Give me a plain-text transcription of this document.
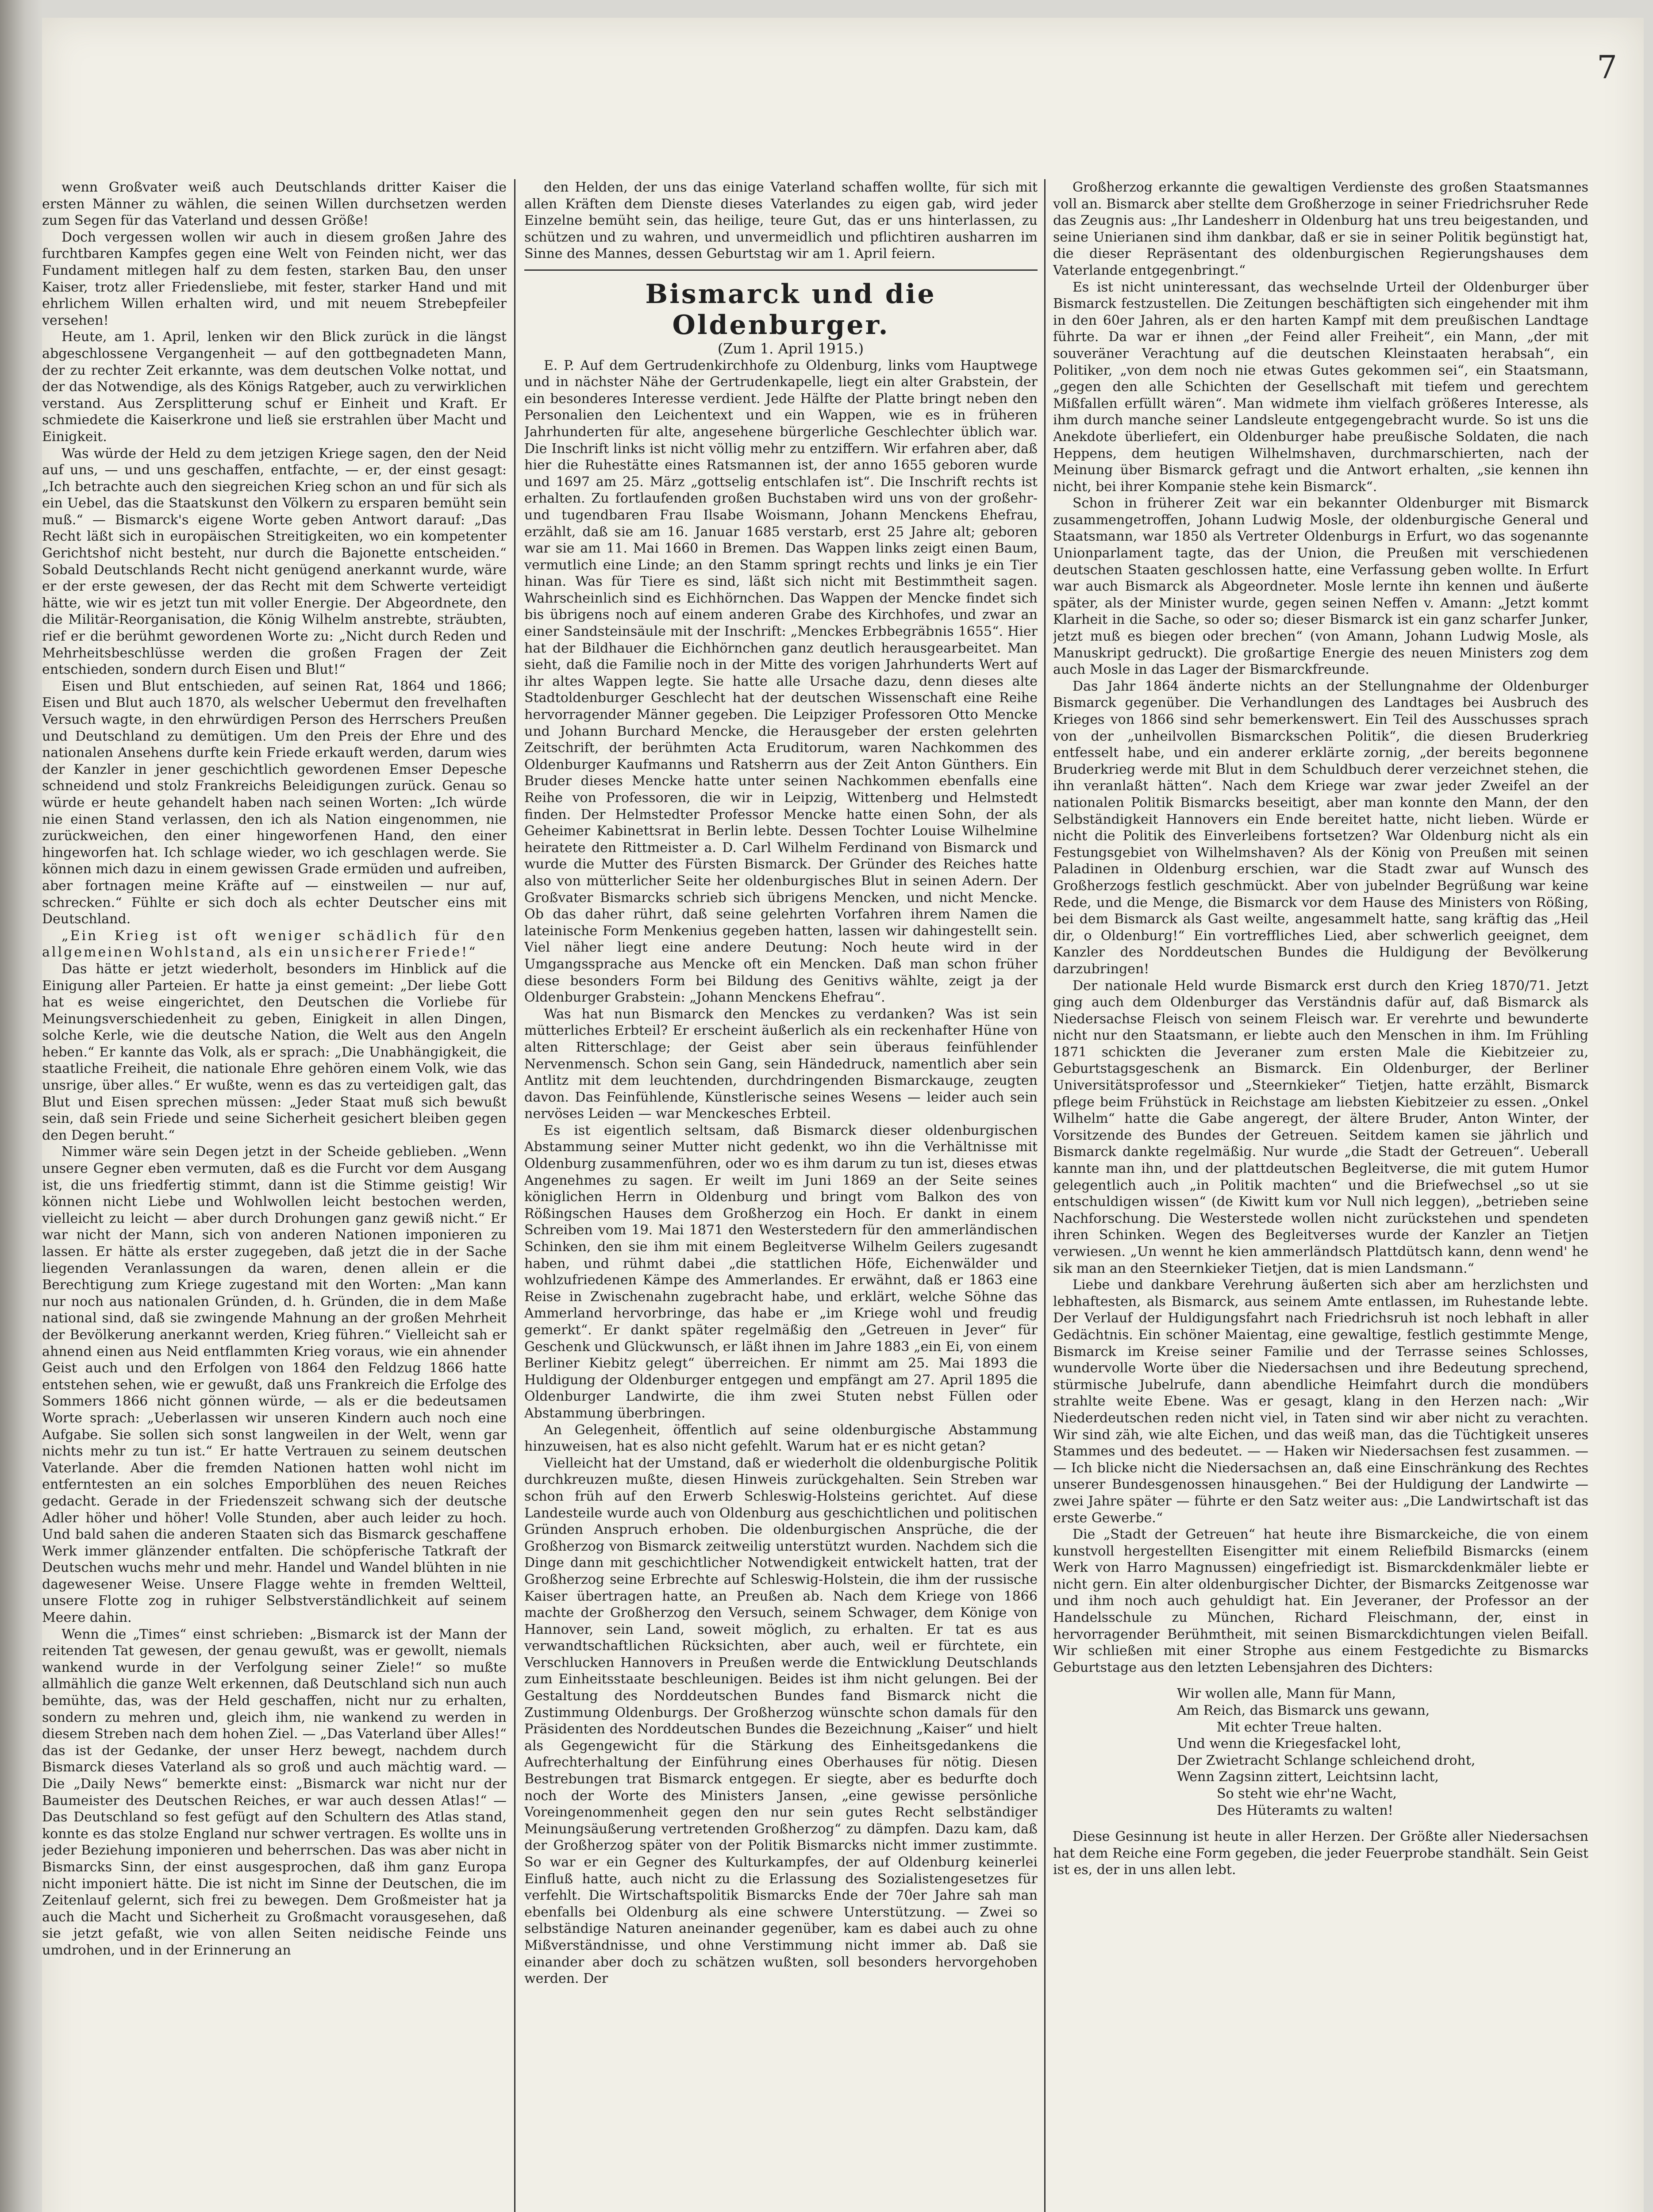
7

wenn Großvater weiß auch Deutschlands dritter Kaiser die ersten Männer zu wählen, die seinen Willen durchsetzen werden zum Segen für das Vaterland und dessen Größe!

Doch vergessen wollen wir auch in diesem großen Jahre des furchtbaren Kampfes gegen eine Welt von Feinden nicht, wer das Fundament mitlegen half zu dem festen, starken Bau, den unser Kaiser, trotz aller Friedensliebe, mit fester, starker Hand und mit ehrlichem Willen erhalten wird, und mit neuem Strebepfeiler versehen!

Heute, am 1. April, lenken wir den Blick zurück in die längst abgeschlossene Vergangenheit — auf den gottbegnadeten Mann, der zu rechter Zeit erkannte, was dem deutschen Volke nottat, und der das Notwendige, als des Königs Ratgeber, auch zu verwirklichen verstand. Aus Zersplitterung schuf er Einheit und Kraft. Er schmiedete die Kaiserkrone und ließ sie erstrahlen über Macht und Einigkeit.

Was würde der Held zu dem jetzigen Kriege sagen, den der Neid auf uns, — und uns geschaffen, entfachte, — er, der einst gesagt: „Ich betrachte auch den siegreichen Krieg schon an und für sich als ein Uebel, das die Staatskunst den Völkern zu ersparen bemüht sein muß.“ — Bismarck's eigene Worte geben Antwort darauf: „Das Recht läßt sich in europäischen Streitigkeiten, wo ein kompetenter Gerichtshof nicht besteht, nur durch die Bajonette entscheiden.“ Sobald Deutschlands Recht nicht genügend anerkannt wurde, wäre er der erste gewesen, der das Recht mit dem Schwerte verteidigt hätte, wie wir es jetzt tun mit voller Energie. Der Abgeordnete, den die Militär-Reorganisation, die König Wilhelm anstrebte, sträubten, rief er die berühmt gewordenen Worte zu: „Nicht durch Reden und Mehrheitsbeschlüsse werden die großen Fragen der Zeit entschieden, sondern durch Eisen und Blut!“

Eisen und Blut entschieden, auf seinen Rat, 1864 und 1866; Eisen und Blut auch 1870, als welscher Uebermut den frevelhaften Versuch wagte, in den ehrwürdigen Person des Herrschers Preußen und Deutschland zu demütigen. Um den Preis der Ehre und des nationalen Ansehens durfte kein Friede erkauft werden, darum wies der Kanzler in jener geschichtlich gewordenen Emser Depesche schneidend und stolz Frankreichs Beleidigungen zurück. Genau so würde er heute gehandelt haben nach seinen Worten: „Ich würde nie einen Stand verlassen, den ich als Nation eingenommen, nie zurückweichen, den einer hingeworfenen Hand, den einer hingeworfen hat. Ich schlage wieder, wo ich geschlagen werde. Sie können mich dazu in einem gewissen Grade ermüden und aufreiben, aber fortnagen meine Kräfte auf — einstweilen — nur auf, schrecken.“ Fühlte er sich doch als echter Deutscher eins mit Deutschland.

„Ein Krieg ist oft weniger schädlich für den allgemeinen Wohlstand, als ein unsicherer Friede!“

Das hätte er jetzt wiederholt, besonders im Hinblick auf die Einigung aller Parteien. Er hatte ja einst gemeint: „Der liebe Gott hat es weise eingerichtet, den Deutschen die Vorliebe für Meinungsverschiedenheit zu geben, Einigkeit in allen Dingen, solche Kerle, wie die deutsche Nation, die Welt aus den Angeln heben.“ Er kannte das Volk, als er sprach: „Die Unabhängigkeit, die staatliche Freiheit, die nationale Ehre gehören einem Volk, wie das unsrige, über alles.“ Er wußte, wenn es das zu verteidigen galt, das Blut und Eisen sprechen müssen: „Jeder Staat muß sich bewußt sein, daß sein Friede und seine Sicherheit gesichert bleiben gegen den Degen beruht.“

Nimmer wäre sein Degen jetzt in der Scheide geblieben. „Wenn unsere Gegner eben vermuten, daß es die Furcht vor dem Ausgang ist, die uns friedfertig stimmt, dann ist die Stimme geistig! Wir können nicht Liebe und Wohlwollen leicht bestochen werden, vielleicht zu leicht — aber durch Drohungen ganz gewiß nicht.“ Er war nicht der Mann, sich von anderen Nationen imponieren zu lassen. Er hätte als erster zugegeben, daß jetzt die in der Sache liegenden Veranlassungen da waren, denen allein er die Berechtigung zum Kriege zugestand mit den Worten: „Man kann nur noch aus nationalen Gründen, d. h. Gründen, die in dem Maße national sind, daß sie zwingende Mahnung an der großen Mehrheit der Bevölkerung anerkannt werden, Krieg führen.“ Vielleicht sah er ahnend einen aus Neid entflammten Krieg voraus, wie ein ahnender Geist auch und den Erfolgen von 1864 den Feldzug 1866 hatte entstehen sehen, wie er gewußt, daß uns Frankreich die Erfolge des Sommers 1866 nicht gönnen würde, — als er die bedeutsamen Worte sprach: „Ueberlassen wir unseren Kindern auch noch eine Aufgabe. Sie sollen sich sonst langweilen in der Welt, wenn gar nichts mehr zu tun ist.“ Er hatte Vertrauen zu seinem deutschen Vaterlande. Aber die fremden Nationen hatten wohl nicht im entferntesten an ein solches Emporblühen des neuen Reiches gedacht. Gerade in der Friedenszeit schwang sich der deutsche Adler höher und höher! Volle Stunden, aber auch leider zu hoch. Und bald sahen die anderen Staaten sich das Bismarck geschaffene Werk immer glänzender entfalten. Die schöpferische Tatkraft der Deutschen wuchs mehr und mehr. Handel und Wandel blühten in nie dagewesener Weise. Unsere Flagge wehte in fremden Weltteil, unsere Flotte zog in ruhiger Selbstverständlichkeit auf seinem Meere dahin.

Wenn die „Times“ einst schrieben: „Bismarck ist der Mann der reitenden Tat gewesen, der genau gewußt, was er gewollt, niemals wankend wurde in der Verfolgung seiner Ziele!“ so mußte allmählich die ganze Welt erkennen, daß Deutschland sich nun auch bemühte, das, was der Held geschaffen, nicht nur zu erhalten, sondern zu mehren und, gleich ihm, nie wankend zu werden in diesem Streben nach dem hohen Ziel. — „Das Vaterland über Alles!“ das ist der Gedanke, der unser Herz bewegt, nachdem durch Bismarck dieses Vaterland als so groß und auch mächtig ward. — Die „Daily News“ bemerkte einst: „Bismarck war nicht nur der Baumeister des Deutschen Reiches, er war auch dessen Atlas!“ — Das Deutschland so fest gefügt auf den Schultern des Atlas stand, konnte es das stolze England nur schwer vertragen. Es wollte uns in jeder Beziehung imponieren und beherrschen. Das was aber nicht in Bismarcks Sinn, der einst ausgesprochen, daß ihm ganz Europa nicht imponiert hätte. Die ist nicht im Sinne der Deutschen, die im Zeitenlauf gelernt, sich frei zu bewegen. Dem Großmeister hat ja auch die Macht und Sicherheit zu Großmacht vorausgesehen, daß sie jetzt gefaßt, wie von allen Seiten neidische Feinde uns umdrohen, und in der Erinnerung an

den Helden, der uns das einige Vaterland schaffen wollte, für sich mit allen Kräften dem Dienste dieses Vaterlandes zu eigen gab, wird jeder Einzelne bemüht sein, das heilige, teure Gut, das er uns hinterlassen, zu schützen und zu wahren, und unvermeidlich und pflichtiren ausharren im Sinne des Mannes, dessen Geburtstag wir am 1. April feiern.

Bismarck und die Oldenburger.

(Zum 1. April 1915.)

E. P. Auf dem Gertrudenkirchhofe zu Oldenburg, links vom Hauptwege und in nächster Nähe der Gertrudenkapelle, liegt ein alter Grabstein, der ein besonderes Interesse verdient. Jede Hälfte der Platte bringt neben den Personalien den Leichentext und ein Wappen, wie es in früheren Jahrhunderten für alte, angesehene bürgerliche Geschlechter üblich war. Die Inschrift links ist nicht völlig mehr zu entziffern. Wir erfahren aber, daß hier die Ruhestätte eines Ratsmannen ist, der anno 1655 geboren wurde und 1697 am 25. März „gottselig entschlafen ist“. Die Inschrift rechts ist erhalten. Zu fortlaufenden großen Buchstaben wird uns von der großehr- und tugendbaren Frau Ilsabe Woismann, Johann Menckens Ehefrau, erzählt, daß sie am 16. Januar 1685 verstarb, erst 25 Jahre alt; geboren war sie am 11. Mai 1660 in Bremen. Das Wappen links zeigt einen Baum, vermutlich eine Linde; an den Stamm springt rechts und links je ein Tier hinan. Was für Tiere es sind, läßt sich nicht mit Bestimmtheit sagen. Wahrscheinlich sind es Eichhörnchen. Das Wappen der Mencke findet sich bis übrigens noch auf einem anderen Grabe des Kirchhofes, und zwar an einer Sandsteinsäule mit der Inschrift: „Menckes Erbbegräbnis 1655“. Hier hat der Bildhauer die Eichhörnchen ganz deutlich herausgearbeitet. Man sieht, daß die Familie noch in der Mitte des vorigen Jahrhunderts Wert auf ihr altes Wappen legte. Sie hatte alle Ursache dazu, denn dieses alte Stadtoldenburger Geschlecht hat der deutschen Wissenschaft eine Reihe hervorragender Männer gegeben. Die Leipziger Professoren Otto Mencke und Johann Burchard Mencke, die Herausgeber der ersten gelehrten Zeitschrift, der berühmten Acta Eruditorum, waren Nachkommen des Oldenburger Kaufmanns und Ratsherrn aus der Zeit Anton Günthers. Ein Bruder dieses Mencke hatte unter seinen Nachkommen ebenfalls eine Reihe von Professoren, die wir in Leipzig, Wittenberg und Helmstedt finden. Der Helmstedter Professor Mencke hatte einen Sohn, der als Geheimer Kabinettsrat in Berlin lebte. Dessen Tochter Louise Wilhelmine heiratete den Rittmeister a. D. Carl Wilhelm Ferdinand von Bismarck und wurde die Mutter des Fürsten Bismarck. Der Gründer des Reiches hatte also von mütterlicher Seite her oldenburgisches Blut in seinen Adern. Der Großvater Bismarcks schrieb sich übrigens Mencken, und nicht Mencke. Ob das daher rührt, daß seine gelehrten Vorfahren ihrem Namen die lateinische Form Menkenius gegeben hatten, lassen wir dahingestellt sein. Viel näher liegt eine andere Deutung: Noch heute wird in der Umgangssprache aus Mencke oft ein Mencken. Daß man schon früher diese besonders Form bei Bildung des Genitivs wählte, zeigt ja der Oldenburger Grabstein: „Johann Menckens Ehefrau“.

Was hat nun Bismarck den Menckes zu verdanken? Was ist sein mütterliches Erbteil? Er erscheint äußerlich als ein reckenhafter Hüne von alten Ritterschlage; der Geist aber sein überaus feinfühlender Nervenmensch. Schon sein Gang, sein Händedruck, namentlich aber sein Antlitz mit dem leuchtenden, durchdringenden Bismarckauge, zeugten davon. Das Feinfühlende, Künstlerische seines Wesens — leider auch sein nervöses Leiden — war Menckesches Erbteil.

Es ist eigentlich seltsam, daß Bismarck dieser oldenburgischen Abstammung seiner Mutter nicht gedenkt, wo ihn die Verhältnisse mit Oldenburg zusammenführen, oder wo es ihm darum zu tun ist, dieses etwas Angenehmes zu sagen. Er weilt im Juni 1869 an der Seite seines königlichen Herrn in Oldenburg und bringt vom Balkon des von Rößingschen Hauses dem Großherzog ein Hoch. Er dankt in einem Schreiben vom 19. Mai 1871 den Westerstedern für den ammerländischen Schinken, den sie ihm mit einem Begleitverse Wilhelm Geilers zugesandt haben, und rühmt dabei „die stattlichen Höfe, Eichenwälder und wohlzufriedenen Kämpe des Ammerlandes. Er erwähnt, daß er 1863 eine Reise in Zwischenahn zugebracht habe, und erklärt, welche Söhne das Ammerland hervorbringe, das habe er „im Kriege wohl und freudig gemerkt“. Er dankt später regelmäßig den „Getreuen in Jever“ für Geschenk und Glückwunsch, er läßt ihnen im Jahre 1883 „ein Ei, von einem Berliner Kiebitz gelegt“ überreichen. Er nimmt am 25. Mai 1893 die Huldigung der Oldenburger entgegen und empfängt am 27. April 1895 die Oldenburger Landwirte, die ihm zwei Stuten nebst Füllen oder Abstammung überbringen.

An Gelegenheit, öffentlich auf seine oldenburgische Abstammung hinzuweisen, hat es also nicht gefehlt. Warum hat er es nicht getan?

Vielleicht hat der Umstand, daß er wiederholt die oldenburgische Politik durchkreuzen mußte, diesen Hinweis zurückgehalten. Sein Streben war schon früh auf den Erwerb Schleswig-Holsteins gerichtet. Auf diese Landesteile wurde auch von Oldenburg aus geschichtlichen und politischen Gründen Anspruch erhoben. Die oldenburgischen Ansprüche, die der Großherzog von Bismarck zeitweilig unterstützt wurden. Nachdem sich die Dinge dann mit geschichtlicher Notwendigkeit entwickelt hatten, trat der Großherzog seine Erbrechte auf Schleswig-Holstein, die ihm der russische Kaiser übertragen hatte, an Preußen ab. Nach dem Kriege von 1866 machte der Großherzog den Versuch, seinem Schwager, dem Könige von Hannover, sein Land, soweit möglich, zu erhalten. Er tat es aus verwandtschaftlichen Rücksichten, aber auch, weil er fürchtete, ein Verschlucken Hannovers in Preußen werde die Entwicklung Deutschlands zum Einheitsstaate beschleunigen. Beides ist ihm nicht gelungen. Bei der Gestaltung des Norddeutschen Bundes fand Bismarck nicht die Zustimmung Oldenburgs. Der Großherzog wünschte schon damals für den Präsidenten des Norddeutschen Bundes die Bezeichnung „Kaiser“ und hielt als Gegengewicht für die Stärkung des Einheitsgedankens die Aufrechterhaltung der Einführung eines Oberhauses für nötig. Diesen Bestrebungen trat Bismarck entgegen. Er siegte, aber es bedurfte doch noch der Worte des Ministers Jansen, „eine gewisse persönliche Voreingenommenheit gegen den nur sein gutes Recht selbständiger Meinungsäußerung vertretenden Großherzog“ zu dämpfen. Dazu kam, daß der Großherzog später von der Politik Bismarcks nicht immer zustimmte. So war er ein Gegner des Kulturkampfes, der auf Oldenburg keinerlei Einfluß hatte, auch nicht zu die Erlassung des Sozialistengesetzes für verfehlt. Die Wirtschaftspolitik Bismarcks Ende der 70er Jahre sah man ebenfalls bei Oldenburg als eine schwere Unterstützung. — Zwei so selbständige Naturen aneinander gegenüber, kam es dabei auch zu ohne Mißverständnisse, und ohne Verstimmung nicht immer ab. Daß sie einander aber doch zu schätzen wußten, soll besonders hervorgehoben werden. Der

Großherzog erkannte die gewaltigen Verdienste des großen Staatsmannes voll an. Bismarck aber stellte dem Großherzoge in seiner Friedrichsruher Rede das Zeugnis aus: „Ihr Landesherr in Oldenburg hat uns treu beigestanden, und seine Unierianen sind ihm dankbar, daß er sie in seiner Politik begünstigt hat, die dieser Repräsentant des oldenburgischen Regierungshauses dem Vaterlande entgegenbringt.“

Es ist nicht uninteressant, das wechselnde Urteil der Oldenburger über Bismarck festzustellen. Die Zeitungen beschäftigten sich eingehender mit ihm in den 60er Jahren, als er den harten Kampf mit dem preußischen Landtage führte. Da war er ihnen „der Feind aller Freiheit“, ein Mann, „der mit souveräner Verachtung auf die deutschen Kleinstaaten herabsah“, ein Politiker, „von dem noch nie etwas Gutes gekommen sei“, ein Staatsmann, „gegen den alle Schichten der Gesellschaft mit tiefem und gerechtem Mißfallen erfüllt wären“. Man widmete ihm vielfach größeres Interesse, als ihm durch manche seiner Landsleute entgegengebracht wurde. So ist uns die Anekdote überliefert, ein Oldenburger habe preußische Soldaten, die nach Heppens, dem heutigen Wilhelmshaven, durchmarschierten, nach der Meinung über Bismarck gefragt und die Antwort erhalten, „sie kennen ihn nicht, bei ihrer Kompanie stehe kein Bismarck“.

Schon in früherer Zeit war ein bekannter Oldenburger mit Bismarck zusammengetroffen, Johann Ludwig Mosle, der oldenburgische General und Staatsmann, war 1850 als Vertreter Oldenburgs in Erfurt, wo das sogenannte Unionparlament tagte, das der Union, die Preußen mit verschiedenen deutschen Staaten geschlossen hatte, eine Verfassung geben wollte. In Erfurt war auch Bismarck als Abgeordneter. Mosle lernte ihn kennen und äußerte später, als der Minister wurde, gegen seinen Neffen v. Amann: „Jetzt kommt Klarheit in die Sache, so oder so; dieser Bismarck ist ein ganz scharfer Junker, jetzt muß es biegen oder brechen“ (von Amann, Johann Ludwig Mosle, als Manuskript gedruckt). Die großartige Energie des neuen Ministers zog dem auch Mosle in das Lager der Bismarckfreunde.

Das Jahr 1864 änderte nichts an der Stellungnahme der Oldenburger Bismarck gegenüber. Die Verhandlungen des Landtages bei Ausbruch des Krieges von 1866 sind sehr bemerkenswert. Ein Teil des Ausschusses sprach von der „unheilvollen Bismarckschen Politik“, die diesen Bruderkrieg entfesselt habe, und ein anderer erklärte zornig, „der bereits begonnene Bruderkrieg werde mit Blut in dem Schuldbuch derer verzeichnet stehen, die ihn veranlaßt hätten“. Nach dem Kriege war zwar jeder Zweifel an der nationalen Politik Bismarcks beseitigt, aber man konnte den Mann, der den Selbständigkeit Hannovers ein Ende bereitet hatte, nicht lieben. Würde er nicht die Politik des Einverleibens fortsetzen? War Oldenburg nicht als ein Festungsgebiet von Wilhelmshaven? Als der König von Preußen mit seinen Paladinen in Oldenburg erschien, war die Stadt zwar auf Wunsch des Großherzogs festlich geschmückt. Aber von jubelnder Begrüßung war keine Rede, und die Menge, die Bismarck vor dem Hause des Ministers von Rößing, bei dem Bismarck als Gast weilte, angesammelt hatte, sang kräftig das „Heil dir, o Oldenburg!“ Ein vortreffliches Lied, aber schwerlich geeignet, dem Kanzler des Norddeutschen Bundes die Huldigung der Bevölkerung darzubringen!

Der nationale Held wurde Bismarck erst durch den Krieg 1870/71. Jetzt ging auch dem Oldenburger das Verständnis dafür auf, daß Bismarck als Niedersachse Fleisch von seinem Fleisch war. Er verehrte und bewunderte nicht nur den Staatsmann, er liebte auch den Menschen in ihm. Im Frühling 1871 schickten die Jeveraner zum ersten Male die Kiebitzeier zu, Geburtstagsgeschenk an Bismarck. Ein Oldenburger, der Berliner Universitätsprofessor und „Steernkieker“ Tietjen, hatte erzählt, Bismarck pflege beim Frühstück in Reichstage am liebsten Kiebitzeier zu essen. „Onkel Wilhelm“ hatte die Gabe angeregt, der ältere Bruder, Anton Winter, der Vorsitzende des Bundes der Getreuen. Seitdem kamen sie jährlich und Bismarck dankte regelmäßig. Nur wurde „die Stadt der Getreuen“. Ueberall kannte man ihn, und der plattdeutschen Begleitverse, die mit gutem Humor gelegentlich auch „in Politik machten“ und die Briefwechsel „so ut sie entschuldigen wissen“ (de Kiwitt kum vor Null nich leggen), „betrieben seine Nachforschung. Die Westerstede wollen nicht zurückstehen und spendeten ihren Schinken. Wegen des Begleitverses wurde der Kanzler an Tietjen verwiesen. „Un wennt he kien ammerländsch Plattdütsch kann, denn wend' he sik man an den Steernkieker Tietjen, dat is mien Landsmann.“

Liebe und dankbare Verehrung äußerten sich aber am herzlichsten und lebhaftesten, als Bismarck, aus seinem Amte entlassen, im Ruhestande lebte. Der Verlauf der Huldigungsfahrt nach Friedrichsruh ist noch lebhaft in aller Gedächtnis. Ein schöner Maientag, eine gewaltige, festlich gestimmte Menge, Bismarck im Kreise seiner Familie und der Terrasse seines Schlosses, wundervolle Worte über die Niedersachsen und ihre Bedeutung sprechend, stürmische Jubelrufe, dann abendliche Heimfahrt durch die mondübers strahlte weite Ebene. Was er gesagt, klang in den Herzen nach: „Wir Niederdeutschen reden nicht viel, in Taten sind wir aber nicht zu verachten. Wir sind zäh, wie alte Eichen, und das weiß man, das die Tüchtigkeit unseres Stammes und des bedeutet. — — Haken wir Niedersachsen fest zusammen. — — Ich blicke nicht die Niedersachsen an, daß eine Einschränkung des Rechtes unserer Bundesgenossen hinausgehen.“ Bei der Huldigung der Landwirte — zwei Jahre später — führte er den Satz weiter aus: „Die Landwirtschaft ist das erste Gewerbe.“

Die „Stadt der Getreuen“ hat heute ihre Bismarckeiche, die von einem kunstvoll hergestellten Eisengitter mit einem Reliefbild Bismarcks (einem Werk von Harro Magnussen) eingefriedigt ist. Bismarckdenkmäler liebte er nicht gern. Ein alter oldenburgischer Dichter, der Bismarcks Zeitgenosse war und ihm noch auch gehuldigt hat. Ein Jeveraner, der Professor an der Handelsschule zu München, Richard Fleischmann, der, einst in hervorragender Berühmtheit, mit seinen Bismarckdichtungen vielen Beifall. Wir schließen mit einer Strophe aus einem Festgedichte zu Bismarcks Geburtstage aus den letzten Lebensjahren des Dichters:

Wir wollen alle, Mann für Mann,
Am Reich, das Bismarck uns gewann,
Mit echter Treue halten.
Und wenn die Kriegesfackel loht,
Der Zwietracht Schlange schleichend droht,
Wenn Zagsinn zittert, Leichtsinn lacht,
So steht wie ehr'ne Wacht,
Des Hüteramts zu walten!

Diese Gesinnung ist heute in aller Herzen. Der Größte aller Niedersachsen hat dem Reiche eine Form gegeben, die jeder Feuerprobe standhält. Sein Geist ist es, der in uns allen lebt.
